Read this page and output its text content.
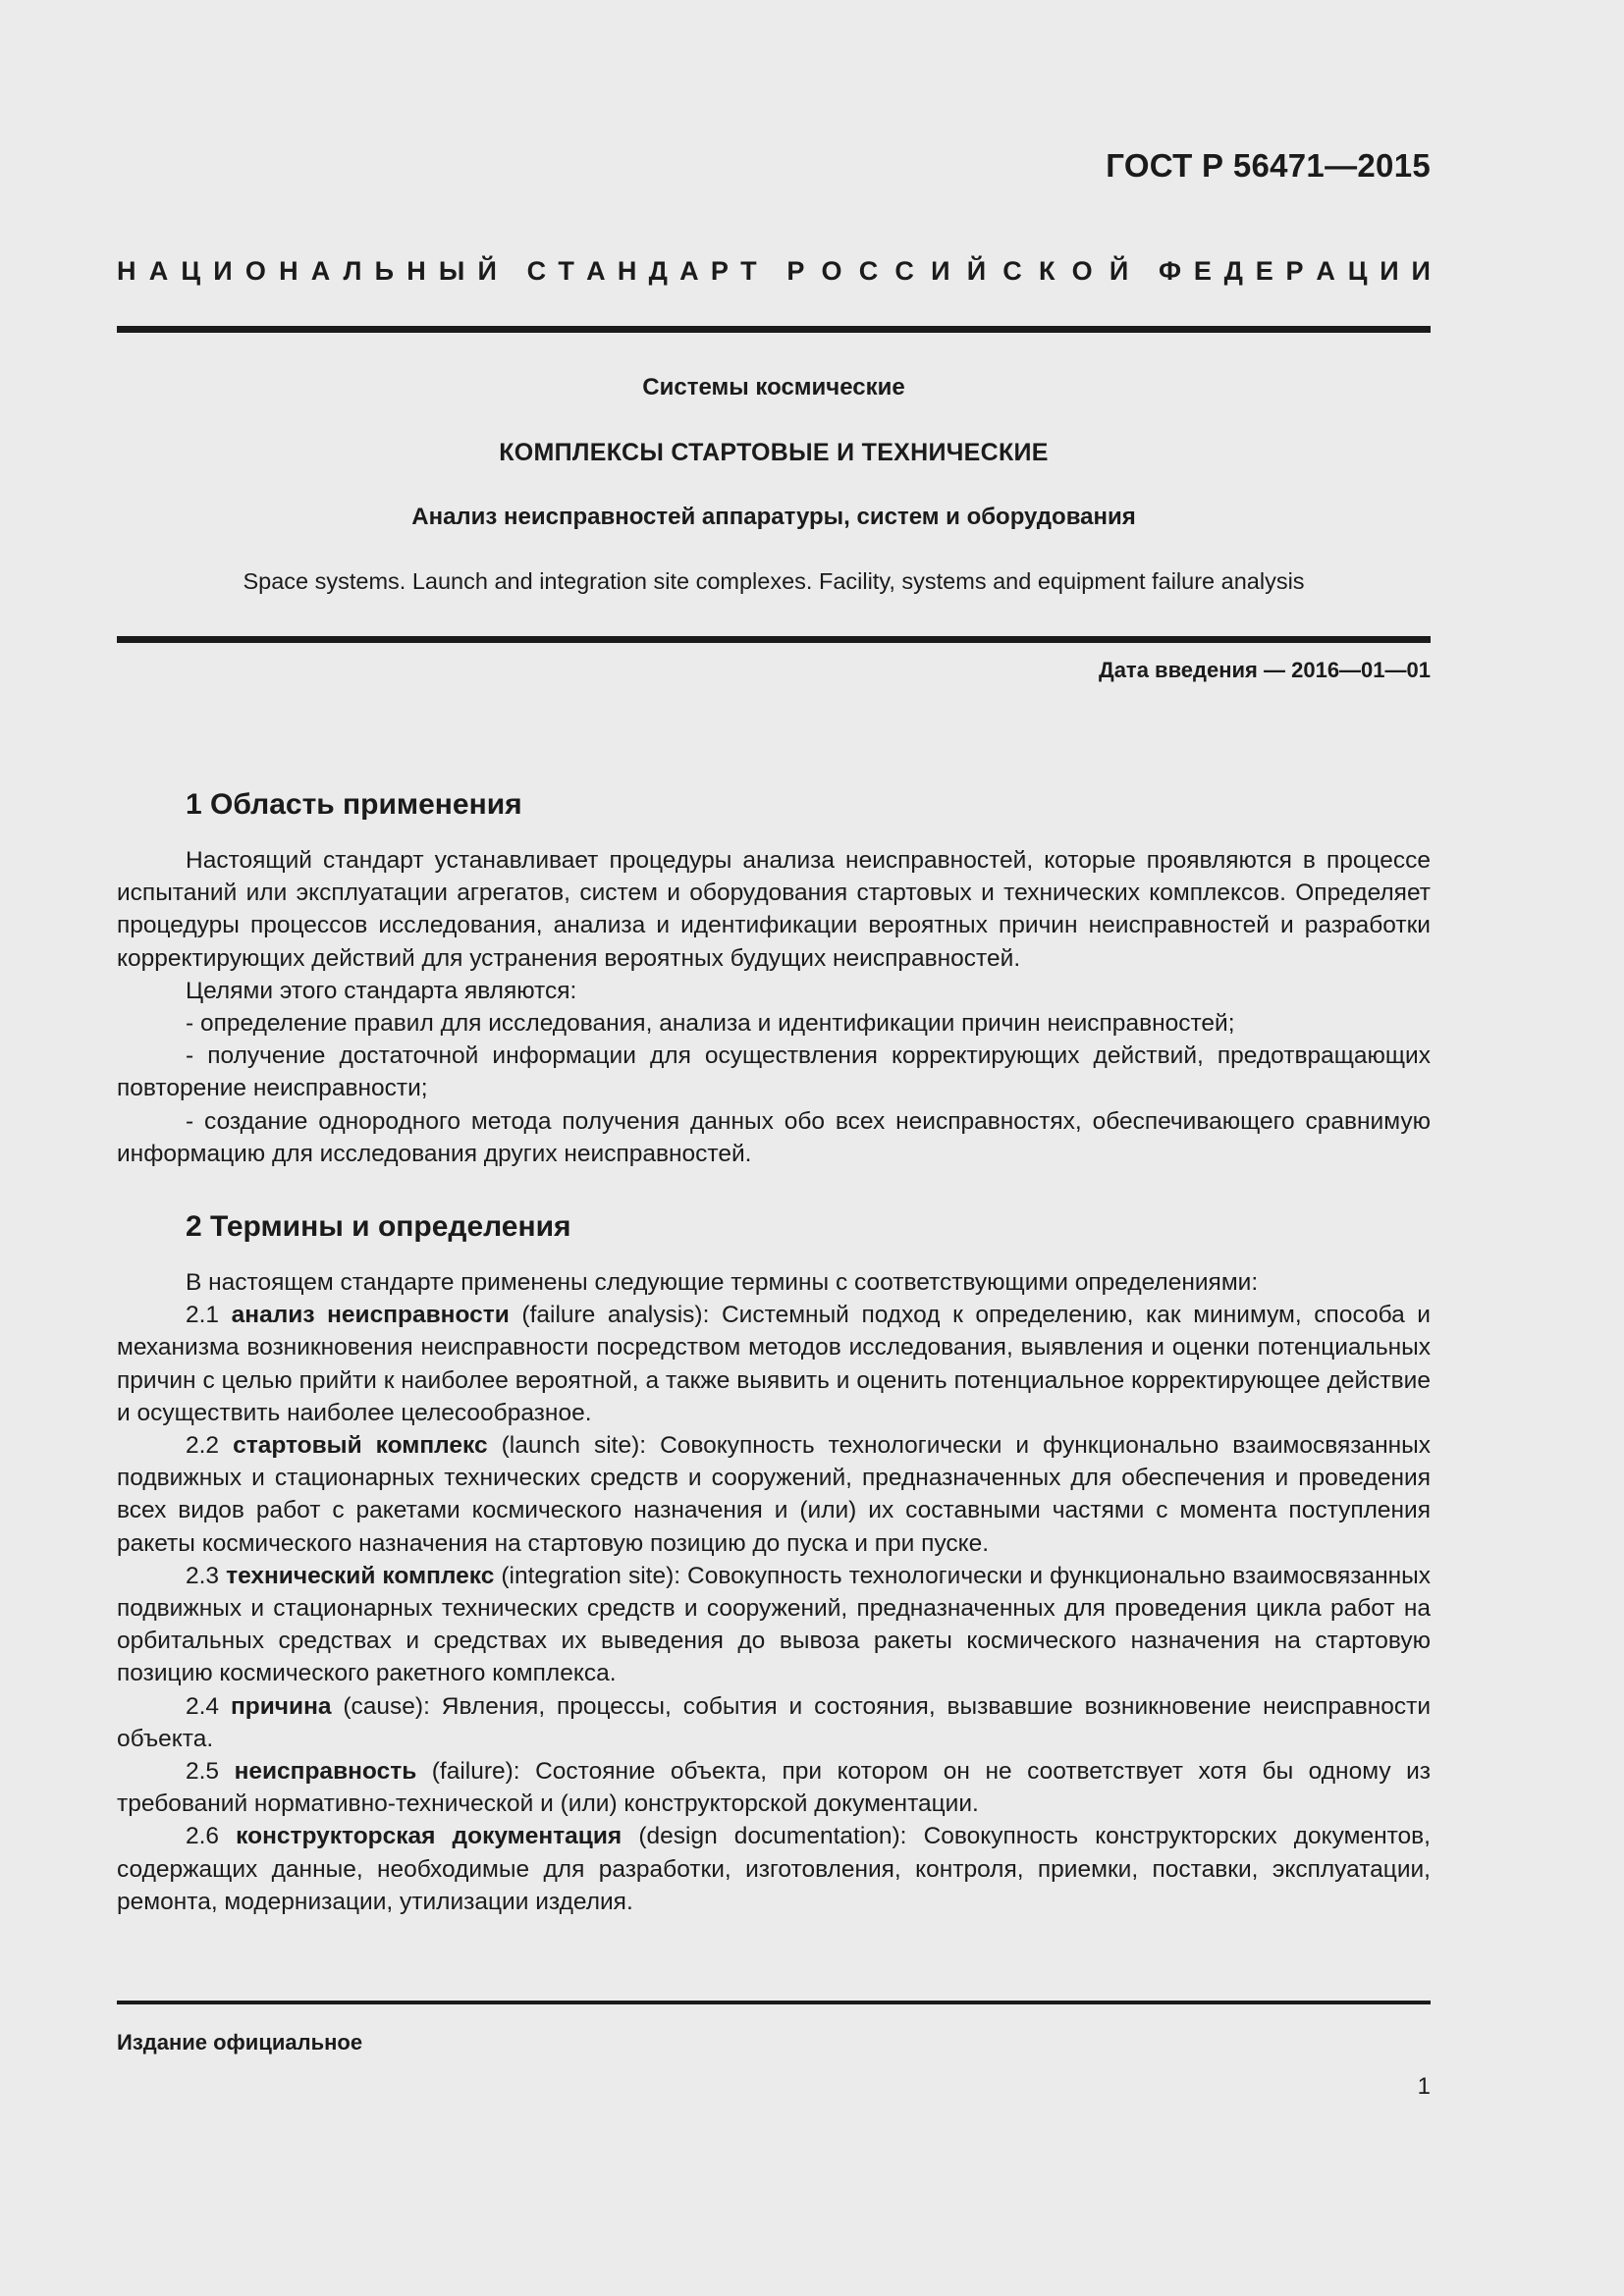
ГОСТ Р 56471—2015
Н А Ц И О Н А Л Ь Н Ы Й С Т А Н Д А Р Т Р О С С И Й С К О Й Ф Е Д Е Р А Ц И И
Системы космические
КОМПЛЕКСЫ СТАРТОВЫЕ И ТЕХНИЧЕСКИЕ
Анализ неисправностей аппаратуры, систем и оборудования
Space systems. Launch and integration site complexes. Facility, systems and equipment failure analysis
Дата введения — 2016—01—01
1 Область применения

Настоящий стандарт устанавливает процедуры анализа неисправностей, которые проявляются в процессе испытаний или эксплуатации агрегатов, систем и оборудования стартовых и технических комплексов. Определяет процедуры процессов исследования, анализа и идентификации вероятных причин неисправностей и разработки корректирующих действий для устранения вероятных будущих неисправностей.

Целями этого стандарта являются:

- определение правил для исследования, анализа и идентификации причин неисправностей;

- получение достаточной информации для осуществления корректирующих действий, предотвращающих повторение неисправности;

- создание однородного метода получения данных обо всех неисправностях, обеспечивающего сравнимую информацию для исследования других неисправностей.

2 Термины и определения

В настоящем стандарте применены следующие термины с соответствующими определениями:

2.1 анализ неисправности (failure analysis): Системный подход к определению, как минимум, способа и механизма возникновения неисправности посредством методов исследования, выявления и оценки потенциальных причин с целью прийти к наиболее вероятной, а также выявить и оценить потенциальное корректирующее действие и осуществить наиболее целесообразное.

2.2 стартовый комплекс (launch site): Совокупность технологически и функционально взаимосвязанных подвижных и стационарных технических средств и сооружений, предназначенных для обеспечения и проведения всех видов работ с ракетами космического назначения и (или) их составными частями с момента поступления ракеты космического назначения на стартовую позицию до пуска и при пуске.

2.3 технический комплекс (integration site): Совокупность технологически и функционально взаимосвязанных подвижных и стационарных технических средств и сооружений, предназначенных для проведения цикла работ на орбитальных средствах и средствах их выведения до вывоза ракеты космического назначения на стартовую позицию космического ракетного комплекса.

2.4 причина (cause): Явления, процессы, события и состояния, вызвавшие возникновение неисправности объекта.

2.5 неисправность (failure): Состояние объекта, при котором он не соответствует хотя бы одному из требований нормативно-технической и (или) конструкторской документации.

2.6 конструкторская документация (design documentation): Совокупность конструкторских документов, содержащих данные, необходимые для разработки, изготовления, контроля, приемки, поставки, эксплуатации, ремонта, модернизации, утилизации изделия.

Издание официальное
1
